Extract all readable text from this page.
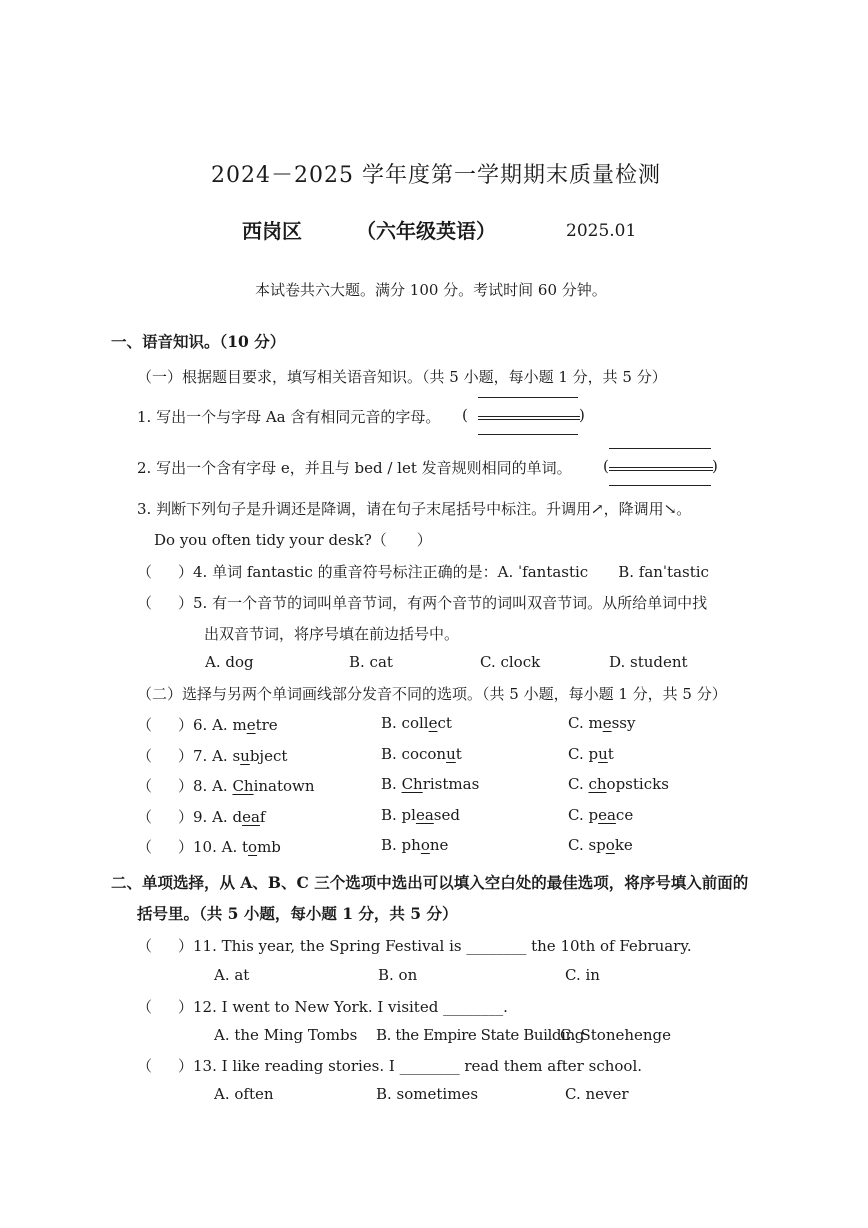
2024－2025 学年度第一学期期末质量检测
西岗区	（六年级英语）	2025.01
本试卷共六大题。满分 100 分。考试时间 60 分钟。
一、语音知识。（10 分）
（一）根据题目要求，填写相关语音知识。（共 5 小题，每小题 1 分，共 5 分）
1. 写出一个与字母 Aa 含有相同元音的字母。 (	)
2. 写出一个含有字母 e，并且与 bed / let 发音规则相同的单词。 (	)
3. 判断下列句子是升调还是降调，请在句子末尾括号中标注。升调用→，降调用→。
Do you often tidy your desk?（　　）
（ ）4. 单词 fantastic 的重音符号标注正确的是：A. ˈfantastic　　B. fanˈtastic
（ ）5. 有一个音节的词叫单音节词，有两个音节的词叫双音节词。从所给单词中找
出双音节词，将序号填在前边括号中。
A. dog	B. cat	C. clock	D. student
（二）选择与另两个单词画线部分发音不同的选项。（共 5 小题，每小题 1 分，共 5 分）
（ ）6. A. metre	B. collect	C. messy
（ ）7. A. subject	B. coconut	C. put
（ ）8. A. Chinatown	B. Christmas	C. chopsticks
（ ）9. A. deaf	B. pleased	C. peace
（ ）10. A. tomb	B. phone	C. spoke
二、单项选择，从 A、B、C 三个选项中选出可以填入空白处的最佳选项，将序号填入前面的
括号里。（共 5 小题，每小题 1 分，共 5 分）
（ ）11. This year, the Spring Festival is ________ the 10th of February.
A. at	B. on	C. in
（ ）12. I went to New York. I visited ________.
A. the Ming Tombs B. the Empire State Building
C. Stonehenge
（ ）13. I like reading stories. I ________ read them after school.
A. often	B. sometimes	C. never
